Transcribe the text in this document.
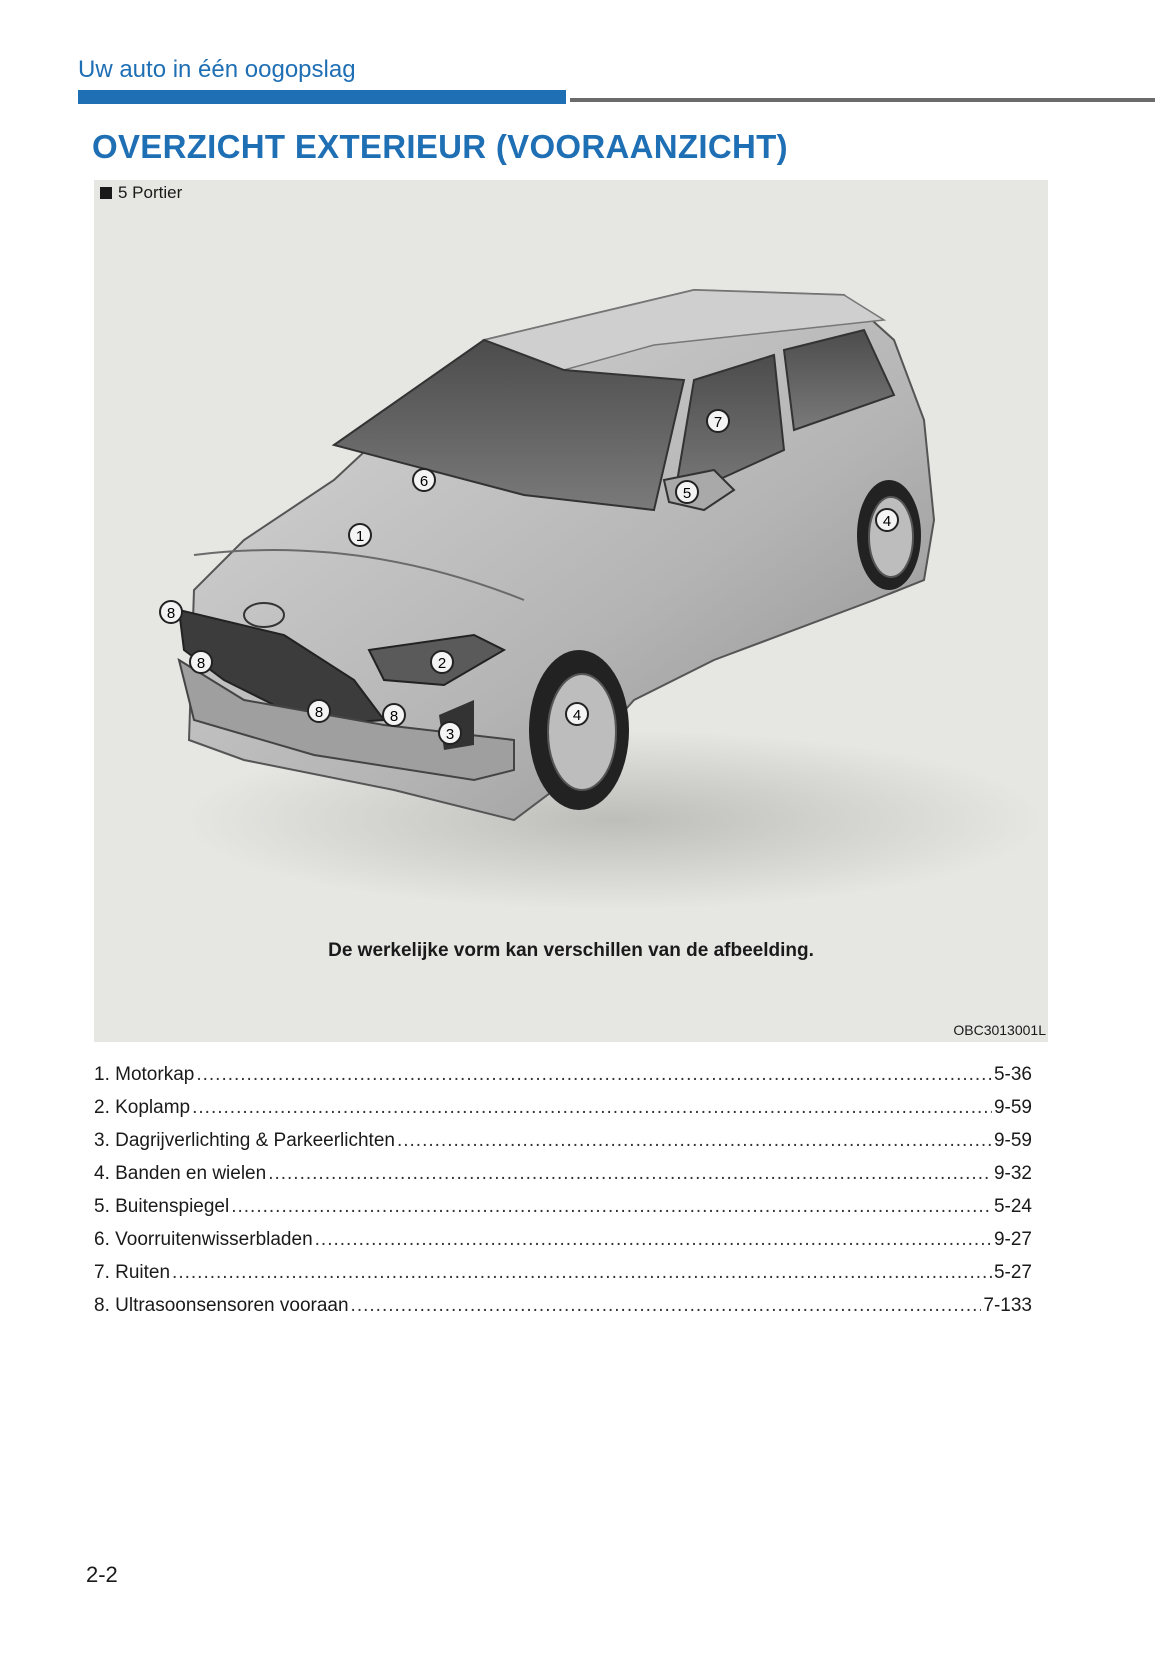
Uw auto in één oogopslag
OVERZICHT EXTERIEUR (VOORAANZICHT)
5 Portier
1
2
3
4
4
5
6
7
8
8
8	8
De werkelijke vorm kan verschillen van de afbeelding.
OBC3013001L
1. Motorkap .....	5-36
2. Koplamp .....	9-59
3. Dagrijverlichting & Parkeerlichten .....	9-59
4. Banden en wielen .....	9-32
5. Buitenspiegel .....	5-24
6. Voorruitenwisserbladen .....	9-27
7. Ruiten .....	5-27
8. Ultrasoonsensoren vooraan .....	7-133
2-2
